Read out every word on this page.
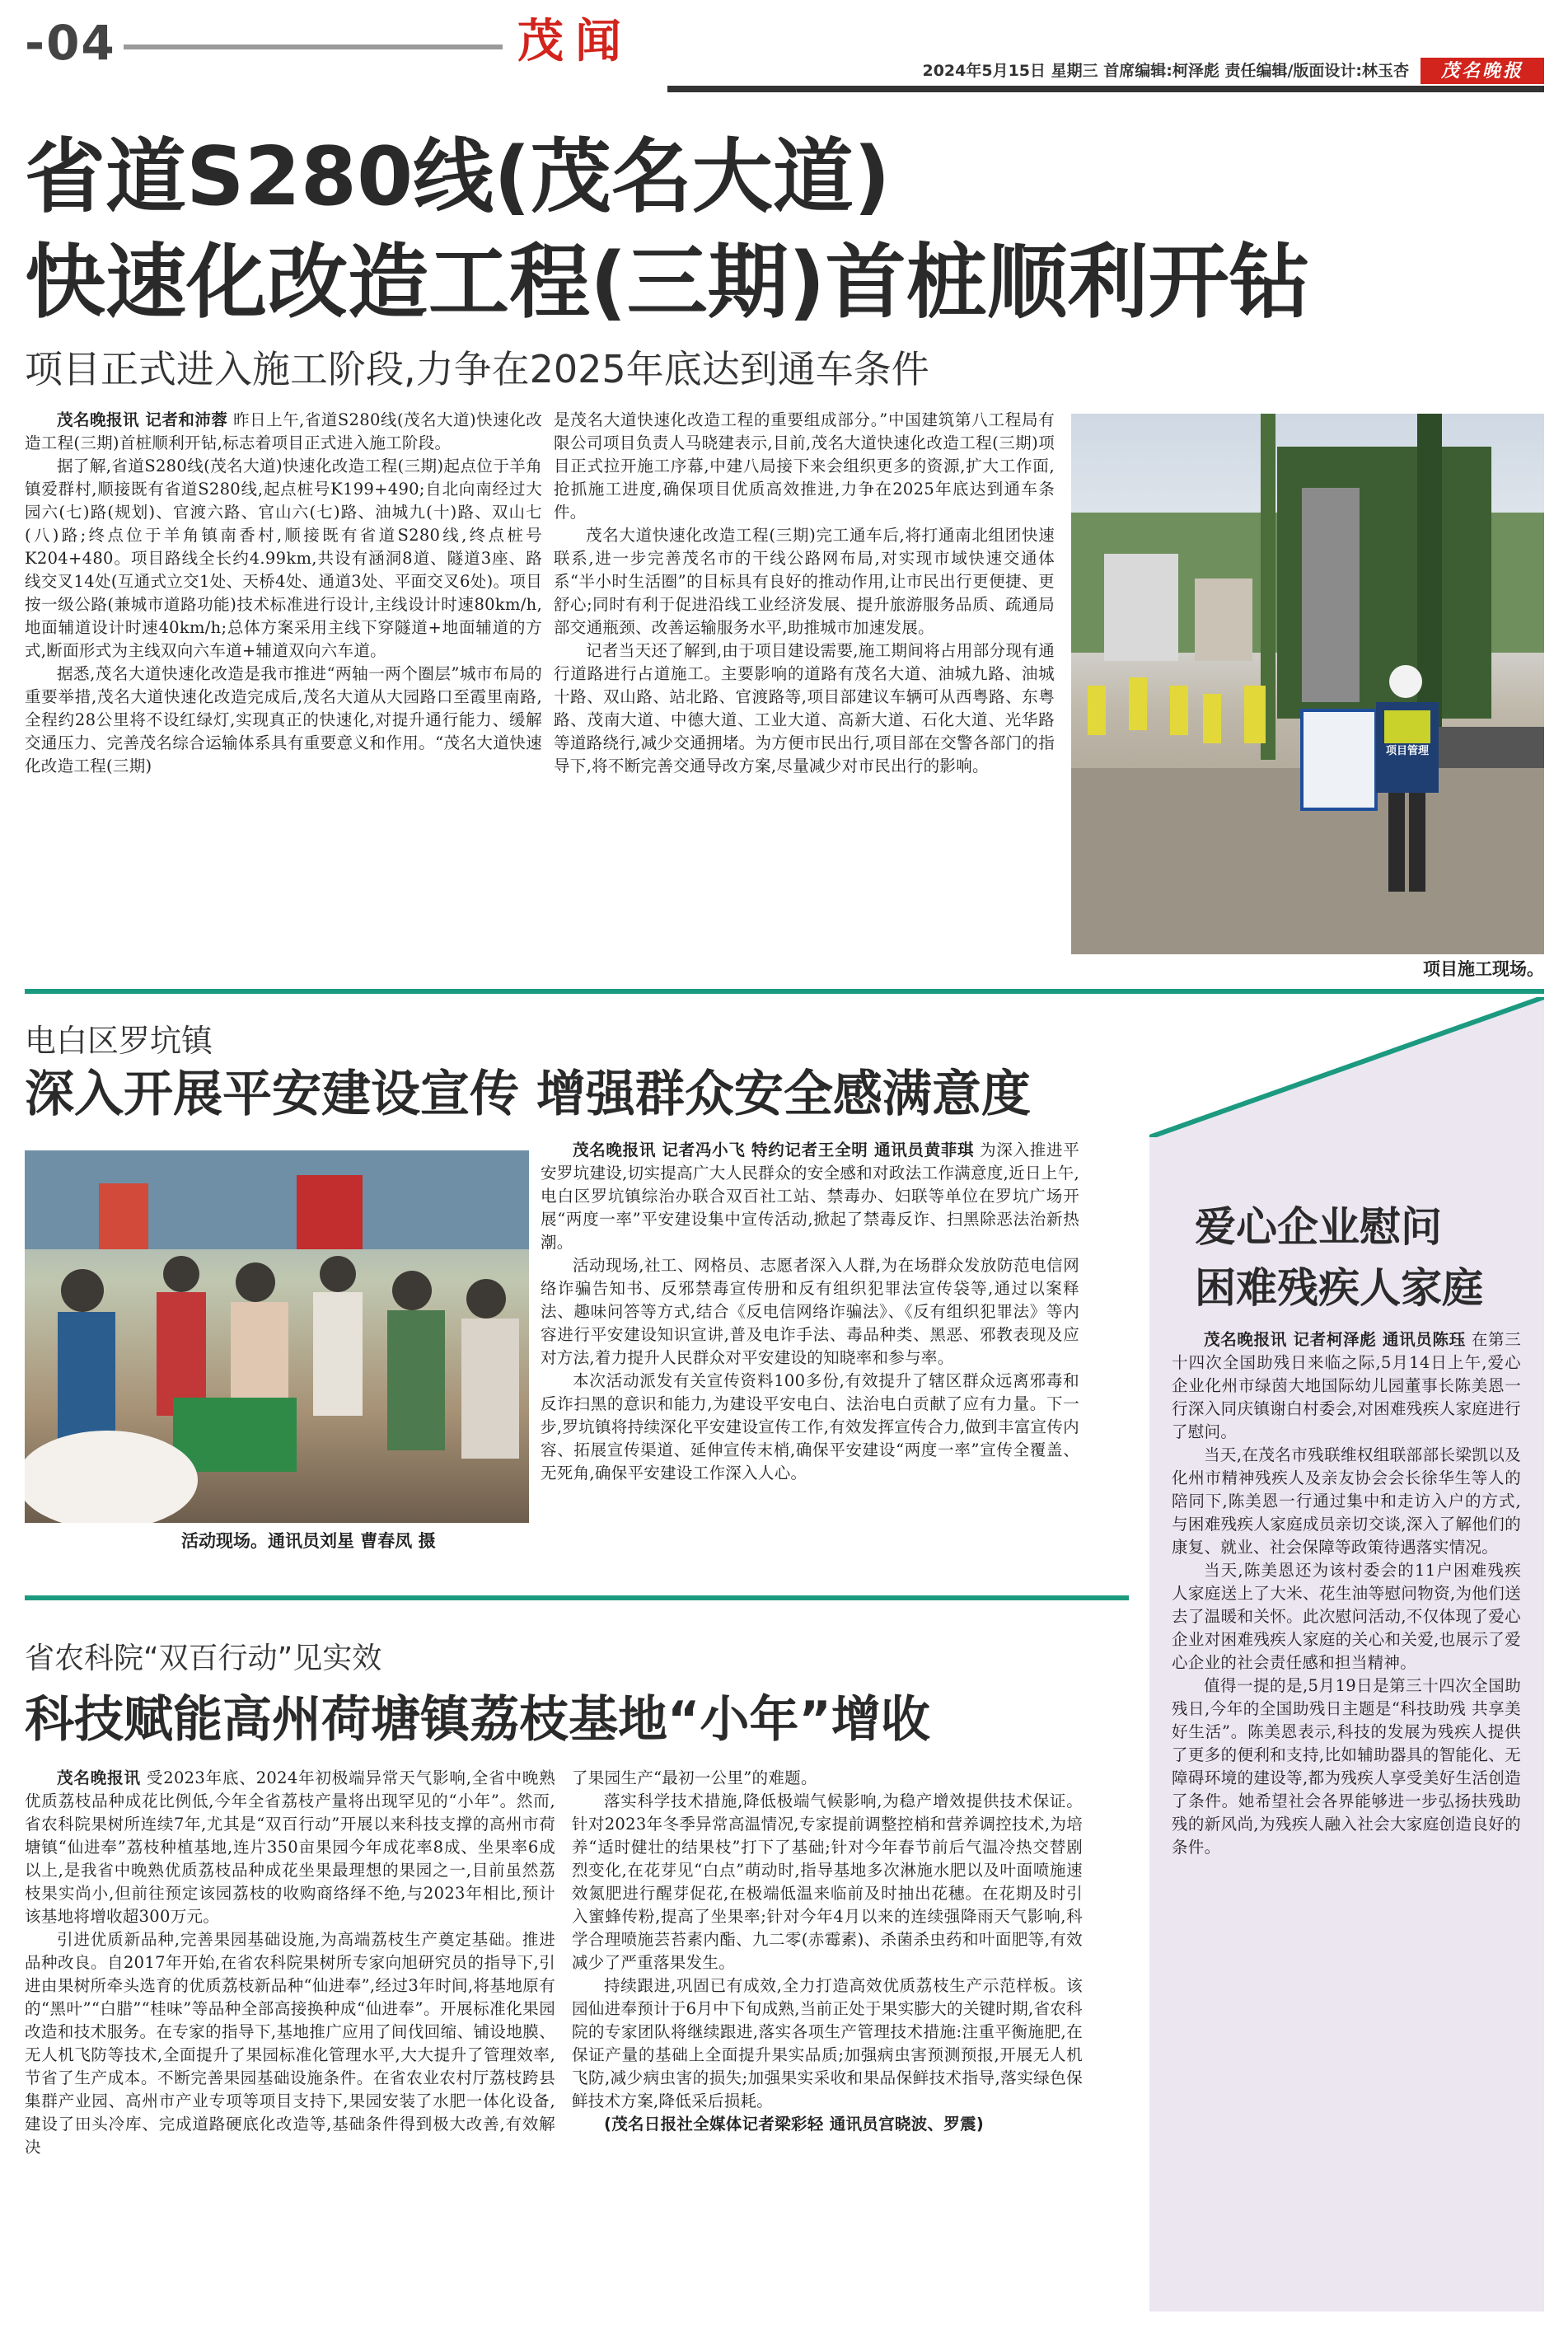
-04	茂闻
2024年5月15日 星期三 首席编辑:柯泽彪 责任编辑/版面设计:林玉杏	茂名晚报
省道S280线(茂名大道)
快速化改造工程(三期)首桩顺利开钻
项目正式进入施工阶段,力争在2025年底达到通车条件

茂名晚报讯 记者和沛蓉 昨日上午,省道S280线(茂名大道)快速化改造工程(三期)首桩顺利开钻,标志着项目正式进入施工阶段。

据了解,省道S280线(茂名大道)快速化改造工程(三期)起点位于羊角镇爱群村,顺接既有省道S280线,起点桩号K199+490;自北向南经过大园六(七)路(规划)、官渡六路、官山六(七)路、油城九(十)路、双山七(八)路;终点位于羊角镇南香村,顺接既有省道S280线,终点桩号K204+480。项目路线全长约4.99km,共设有涵洞8道、隧道3座、路线交叉14处(互通式立交1处、天桥4处、通道3处、平面交叉6处)。项目按一级公路(兼城市道路功能)技术标准进行设计,主线设计时速80km/h,地面辅道设计时速40km/h;总体方案采用主线下穿隧道+地面辅道的方式,断面形式为主线双向六车道+辅道双向六车道。

据悉,茂名大道快速化改造是我市推进“两轴一两个圈层”城市布局的重要举措,茂名大道快速化改造完成后,茂名大道从大园路口至霞里南路,全程约28公里将不设红绿灯,实现真正的快速化,对提升通行能力、缓解交通压力、完善茂名综合运输体系具有重要意义和作用。“茂名大道快速化改造工程(三期)

是茂名大道快速化改造工程的重要组成部分。”中国建筑第八工程局有限公司项目负责人马晓建表示,目前,茂名大道快速化改造工程(三期)项目正式拉开施工序幕,中建八局接下来会组织更多的资源,扩大工作面,抢抓施工进度,确保项目优质高效推进,力争在2025年底达到通车条件。

茂名大道快速化改造工程(三期)完工通车后,将打通南北组团快速联系,进一步完善茂名市的干线公路网布局,对实现市域快速交通体系“半小时生活圈”的目标具有良好的推动作用,让市民出行更便捷、更舒心;同时有利于促进沿线工业经济发展、提升旅游服务品质、疏通局部交通瓶颈、改善运输服务水平,助推城市加速发展。

记者当天还了解到,由于项目建设需要,施工期间将占用部分现有通行道路进行占道施工。主要影响的道路有茂名大道、油城九路、油城十路、双山路、站北路、官渡路等,项目部建议车辆可从西粤路、东粤路、茂南大道、中德大道、工业大道、高新大道、石化大道、光华路等道路绕行,减少交通拥堵。为方便市民出行,项目部在交警各部门的指导下,将不断完善交通导改方案,尽量减少对市民出行的影响。

项目管理
项目施工现场。
爱心企业慰问
困难残疾人家庭

茂名晚报讯 记者柯泽彪 通讯员陈珏 在第三十四次全国助残日来临之际,5月14日上午,爱心企业化州市绿茵大地国际幼儿园董事长陈美恩一行深入同庆镇谢白村委会,对困难残疾人家庭进行了慰问。

当天,在茂名市残联维权组联部部长梁凯以及化州市精神残疾人及亲友协会会长徐华生等人的陪同下,陈美恩一行通过集中和走访入户的方式,与困难残疾人家庭成员亲切交谈,深入了解他们的康复、就业、社会保障等政策待遇落实情况。

当天,陈美恩还为该村委会的11户困难残疾人家庭送上了大米、花生油等慰问物资,为他们送去了温暖和关怀。此次慰问活动,不仅体现了爱心企业对困难残疾人家庭的关心和关爱,也展示了爱心企业的社会责任感和担当精神。

值得一提的是,5月19日是第三十四次全国助残日,今年的全国助残日主题是“科技助残 共享美好生活”。陈美恩表示,科技的发展为残疾人提供了更多的便利和支持,比如辅助器具的智能化、无障碍环境的建设等,都为残疾人享受美好生活创造了条件。她希望社会各界能够进一步弘扬扶残助残的新风尚,为残疾人融入社会大家庭创造良好的条件。

电白区罗坑镇
深入开展平安建设宣传 增强群众安全感满意度
活动现场。通讯员刘星 曹春凤 摄

茂名晚报讯 记者冯小飞 特约记者王全明 通讯员黄菲琪 为深入推进平安罗坑建设,切实提高广大人民群众的安全感和对政法工作满意度,近日上午,电白区罗坑镇综治办联合双百社工站、禁毒办、妇联等单位在罗坑广场开展“两度一率”平安建设集中宣传活动,掀起了禁毒反诈、扫黑除恶法治新热潮。

活动现场,社工、网格员、志愿者深入人群,为在场群众发放防范电信网络诈骗告知书、反邪禁毒宣传册和反有组织犯罪法宣传袋等,通过以案释法、趣味问答等方式,结合《反电信网络诈骗法》、《反有组织犯罪法》等内容进行平安建设知识宣讲,普及电诈手法、毒品种类、黑恶、邪教表现及应对方法,着力提升人民群众对平安建设的知晓率和参与率。

本次活动派发有关宣传资料100多份,有效提升了辖区群众远离邪毒和反诈扫黑的意识和能力,为建设平安电白、法治电白贡献了应有力量。下一步,罗坑镇将持续深化平安建设宣传工作,有效发挥宣传合力,做到丰富宣传内容、拓展宣传渠道、延伸宣传末梢,确保平安建设“两度一率”宣传全覆盖、无死角,确保平安建设工作深入人心。

省农科院“双百行动”见实效
科技赋能高州荷塘镇荔枝基地“小年”增收

茂名晚报讯 受2023年底、2024年初极端异常天气影响,全省中晚熟优质荔枝品种成花比例低,今年全省荔枝产量将出现罕见的“小年”。然而,省农科院果树所连续7年,尤其是“双百行动”开展以来科技支撑的高州市荷塘镇“仙进奉”荔枝种植基地,连片350亩果园今年成花率8成、坐果率6成以上,是我省中晚熟优质荔枝品种成花坐果最理想的果园之一,目前虽然荔枝果实尚小,但前往预定该园荔枝的收购商络绎不绝,与2023年相比,预计该基地将增收超300万元。

引进优质新品种,完善果园基础设施,为高端荔枝生产奠定基础。推进品种改良。自2017年开始,在省农科院果树所专家向旭研究员的指导下,引进由果树所牵头选育的优质荔枝新品种“仙进奉”,经过3年时间,将基地原有的“黑叶”“白腊”“桂味”等品种全部高接换种成“仙进奉”。开展标准化果园改造和技术服务。在专家的指导下,基地推广应用了间伐回缩、铺设地膜、无人机飞防等技术,全面提升了果园标准化管理水平,大大提升了管理效率,节省了生产成本。不断完善果园基础设施条件。在省农业农村厅荔枝跨县集群产业园、高州市产业专项等项目支持下,果园安装了水肥一体化设备,建设了田头冷库、完成道路硬底化改造等,基础条件得到极大改善,有效解决

了果园生产“最初一公里”的难题。

落实科学技术措施,降低极端气候影响,为稳产增效提供技术保证。针对2023年冬季异常高温情况,专家提前调整控梢和营养调控技术,为培养“适时健壮的结果枝”打下了基础;针对今年春节前后气温冷热交替剧烈变化,在花芽见“白点”萌动时,指导基地多次淋施水肥以及叶面喷施速效氮肥进行醒芽促花,在极端低温来临前及时抽出花穗。在花期及时引入蜜蜂传粉,提高了坐果率;针对今年4月以来的连续强降雨天气影响,科学合理喷施芸苔素内酯、九二零(赤霉素)、杀菌杀虫药和叶面肥等,有效减少了严重落果发生。

持续跟进,巩固已有成效,全力打造高效优质荔枝生产示范样板。该园仙进奉预计于6月中下旬成熟,当前正处于果实膨大的关键时期,省农科院的专家团队将继续跟进,落实各项生产管理技术措施:注重平衡施肥,在保证产量的基础上全面提升果实品质;加强病虫害预测预报,开展无人机飞防,减少病虫害的损失;加强果实采收和果品保鲜技术指导,落实绿色保鲜技术方案,降低采后损耗。

(茂名日报社全媒体记者梁彩轻 通讯员宫晓波、罗震)
